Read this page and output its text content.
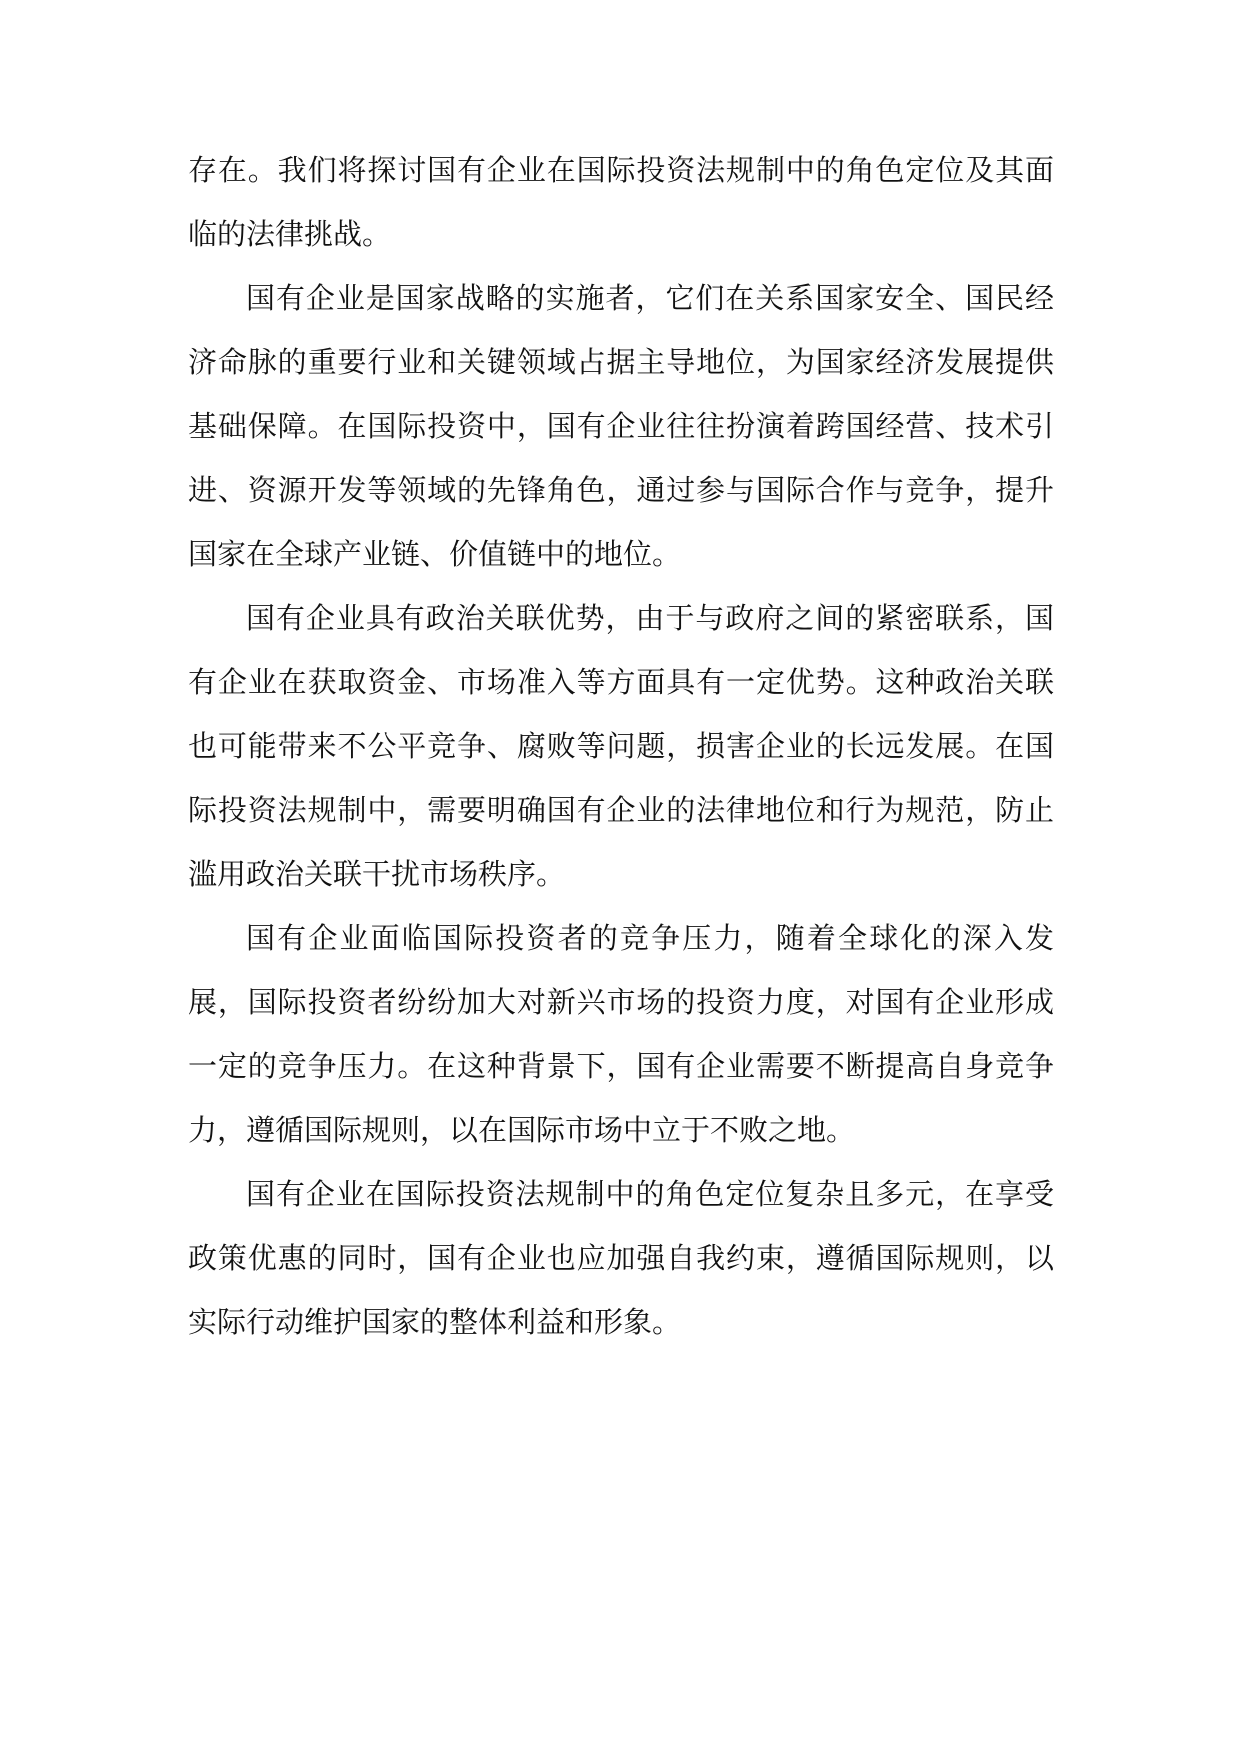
存在。我们将探讨国有企业在国际投资法规制中的角色定位及其面临的法律挑战。

国有企业是国家战略的实施者，它们在关系国家安全、国民经济命脉的重要行业和关键领域占据主导地位，为国家经济发展提供基础保障。在国际投资中，国有企业往往扮演着跨国经营、技术引进、资源开发等领域的先锋角色，通过参与国际合作与竞争，提升国家在全球产业链、价值链中的地位。

国有企业具有政治关联优势，由于与政府之间的紧密联系，国有企业在获取资金、市场准入等方面具有一定优势。这种政治关联也可能带来不公平竞争、腐败等问题，损害企业的长远发展。在国际投资法规制中，需要明确国有企业的法律地位和行为规范，防止滥用政治关联干扰市场秩序。

国有企业面临国际投资者的竞争压力，随着全球化的深入发展，国际投资者纷纷加大对新兴市场的投资力度，对国有企业形成一定的竞争压力。在这种背景下，国有企业需要不断提高自身竞争力，遵循国际规则，以在国际市场中立于不败之地。

国有企业在国际投资法规制中的角色定位复杂且多元，在享受政策优惠的同时，国有企业也应加强自我约束，遵循国际规则，以实际行动维护国家的整体利益和形象。
